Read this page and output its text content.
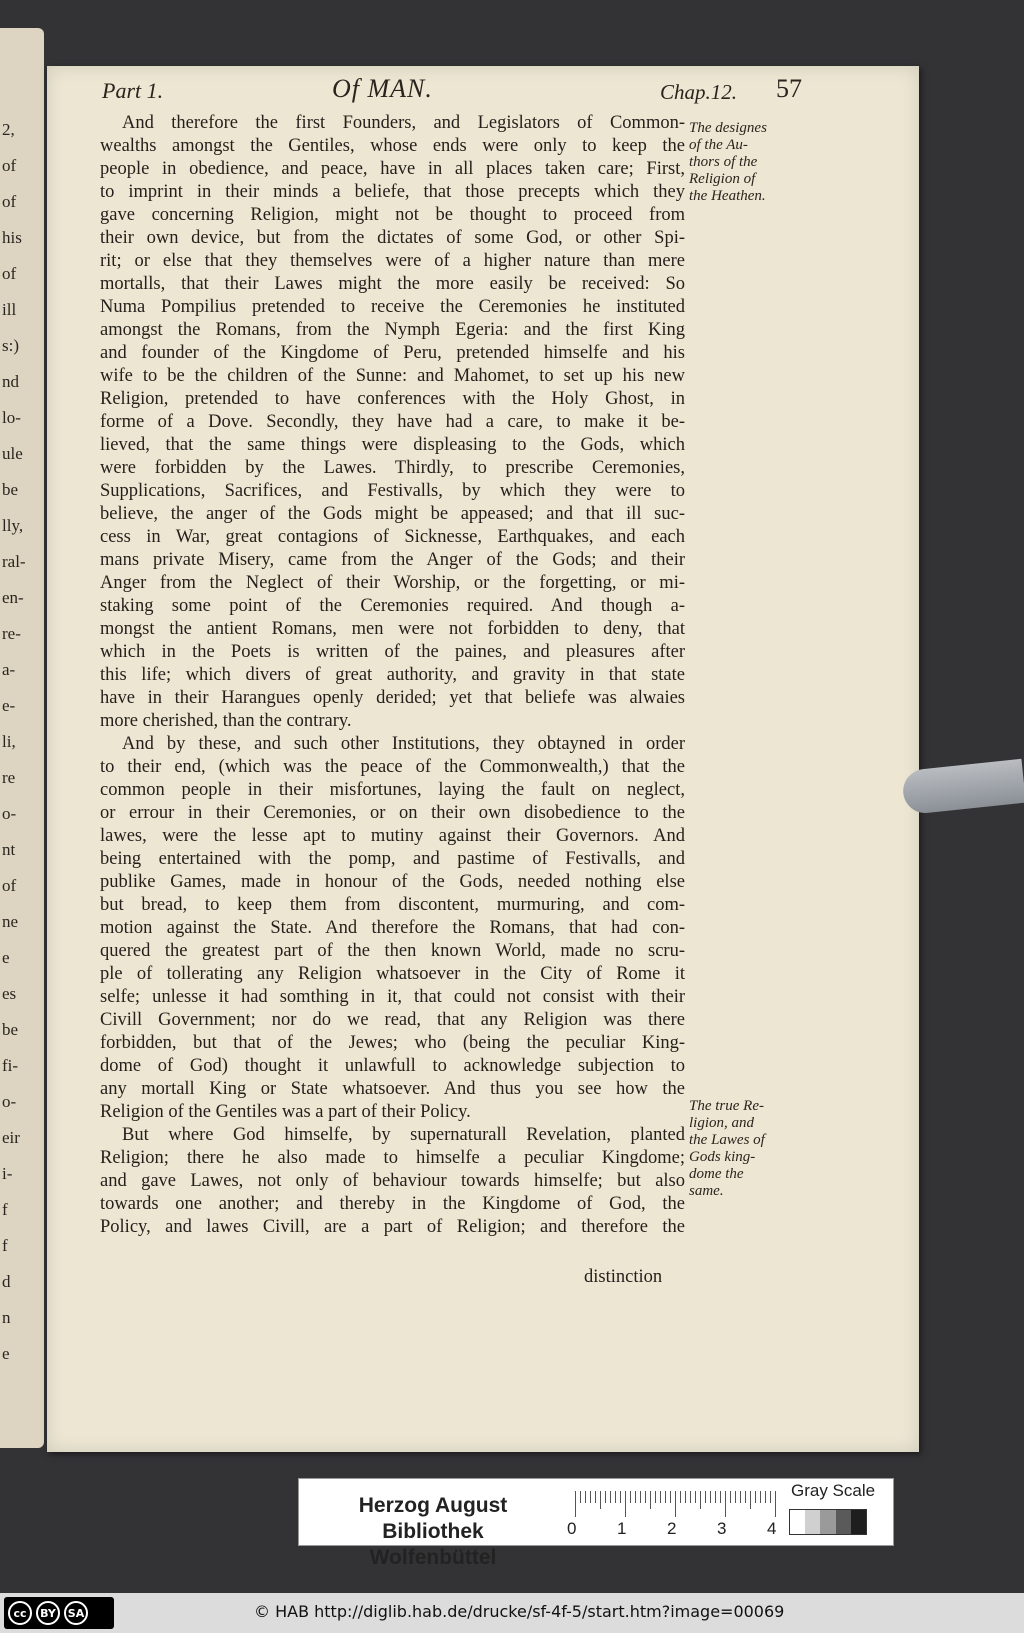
2,
of
of
his
of
ill
s:)
nd
lo-
ule
be
lly,
ral-
en-
re-
a-
e-
li,
re
o-
nt
of
ne
e
es
be
fi-
o-
eir
i-
f
f
d
n
e
Part 1.	Of MAN.	Chap.12. 57
And therefore the first Founders, and Legislators of Common-
wealths amongst the Gentiles, whose ends were only to keep the
people in obedience, and peace, have in all places taken care; First,
to imprint in their minds a beliefe, that those precepts which they
gave concerning Religion, might not be thought to proceed from
their own device, but from the dictates of some God, or other Spi-
rit; or else that they themselves were of a higher nature than mere
mortalls, that their Lawes might the more easily be received: So
Numa Pompilius pretended to receive the Ceremonies he instituted
amongst the Romans, from the Nymph Egeria: and the first King
and founder of the Kingdome of Peru, pretended himselfe and his
wife to be the children of the Sunne: and Mahomet, to set up his new
Religion, pretended to have conferences with the Holy Ghost, in
forme of a Dove. Secondly, they have had a care, to make it be-
lieved, that the same things were displeasing to the Gods, which
were forbidden by the Lawes. Thirdly, to prescribe Ceremonies,
Supplications, Sacrifices, and Festivalls, by which they were to
believe, the anger of the Gods might be appeased; and that ill suc-
cess in War, great contagions of Sicknesse, Earthquakes, and each
mans private Misery, came from the Anger of the Gods; and their
Anger from the Neglect of their Worship, or the forgetting, or mi-
staking some point of the Ceremonies required. And though a-
mongst the antient Romans, men were not forbidden to deny, that
which in the Poets is written of the paines, and pleasures after
this life; which divers of great authority, and gravity in that state
have in their Harangues openly derided; yet that beliefe was alwaies
more cherished, than the contrary.
And by these, and such other Institutions, they obtayned in order
to their end, (which was the peace of the Commonwealth,) that the
common people in their misfortunes, laying the fault on neglect,
or errour in their Ceremonies, or on their own disobedience to the
lawes, were the lesse apt to mutiny against their Governors. And
being entertained with the pomp, and pastime of Festivalls, and
publike Games, made in honour of the Gods, needed nothing else
but bread, to keep them from discontent, murmuring, and com-
motion against the State. And therefore the Romans, that had con-
quered the greatest part of the then known World, made no scru-
ple of tollerating any Religion whatsoever in the City of Rome it
selfe; unlesse it had somthing in it, that could not consist with their
Civill Government; nor do we read, that any Religion was there
forbidden, but that of the Jewes; who (being the peculiar King-
dome of God) thought it unlawfull to acknowledge subjection to
any mortall King or State whatsoever. And thus you see how the
Religion of the Gentiles was a part of their Policy.
But where God himselfe, by supernaturall Revelation, planted
Religion; there he also made to himselfe a peculiar Kingdome;
and gave Lawes, not only of behaviour towards himselfe; but also
towards one another; and thereby in the Kingdome of God, the
Policy, and lawes Civill, are a part of Religion; and therefore the
distinction
The designes
of the Au-
thors of the
Religion of
the Heathen.
The true Re-
ligion, and
the Lawes of
Gods king-
dome the
same.
Herzog August Bibliothek
Wolfenbüttel
0 1 2 3 4
Gray Scale
cc	BY	SA	© HAB http://diglib.hab.de/drucke/sf-4f-5/start.htm?image=00069
